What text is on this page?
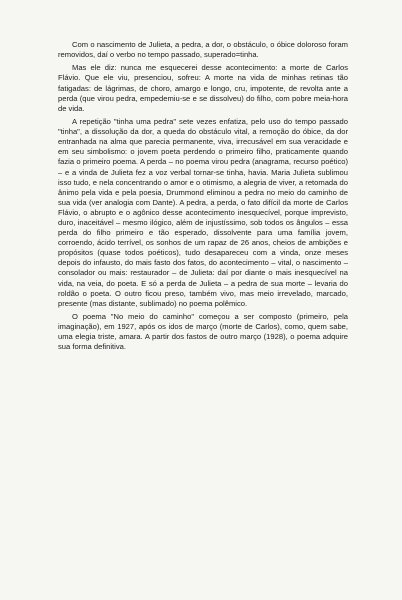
Com o nascimento de Julieta, a pedra, a dor, o obstáculo, o óbice doloroso foram removidos, daí o verbo no tempo passado, superado=tinha.

Mas ele diz: nunca me esquecerei desse acontecimento: a morte de Carlos Flávio. Que ele viu, presenciou, sofreu: A morte na vida de minhas retinas tão fatigadas: de lágrimas, de choro, amargo e longo, cru, impotente, de revolta ante a perda (que virou pedra, empedemiu-se e se dissolveu) do filho, com pobre meia-hora de vida.

A repetição "tinha uma pedra" sete vezes enfatiza, pelo uso do tempo passado "tinha", a dissolução da dor, a queda do obstáculo vital, a remoção do óbice, da dor entranhada na alma que parecia permanente, viva, irrecusável em sua veracidade e em seu simbolismo: o jovem poeta perdendo o primeiro filho, praticamente quando fazia o primeiro poema. A perda – no poema virou pedra (anagrama, recurso poético) – e a vinda de Julieta fez a voz verbal tornar-se tinha, havia. Maria Julieta sublimou isso tudo, e nela concentrando o amor e o otimismo, a alegria de viver, a retomada do ânimo pela vida e pela poesia, Drummond eliminou a pedra no meio do caminho de sua vida (ver analogia com Dante). A pedra, a perda, o fato difícil da morte de Carlos Flávio, o abrupto e o agônico desse acontecimento inesquecível, porque imprevisto, duro, inaceitável – mesmo ilógico, além de injustíssimo, sob todos os ângulos – essa perda do filho primeiro e tão esperado, dissolvente para uma família jovem, corroendo, ácido terrível, os sonhos de um rapaz de 26 anos, cheios de ambições e propósitos (quase todos poéticos), tudo desapareceu com a vinda, onze meses depois do infausto, do mais fasto dos fatos, do acontecimento – vital, o nascimento – consolador ou mais: restaurador – de Julieta: daí por diante o mais inesquecível na vida, na veia, do poeta. E só a perda de Julieta – a pedra de sua morte – levaria do roldão o poeta. O outro ficou preso, também vivo, mas meio irrevelado, marcado, presente (mas distante, sublimado) no poema polêmico.

O poema "No meio do caminho" começou a ser composto (primeiro, pela imaginação), em 1927, após os idos de março (morte de Carlos), como, quem sabe, uma elegia triste, amara. A partir dos fastos de outro março (1928), o poema adquire sua forma definitiva.
